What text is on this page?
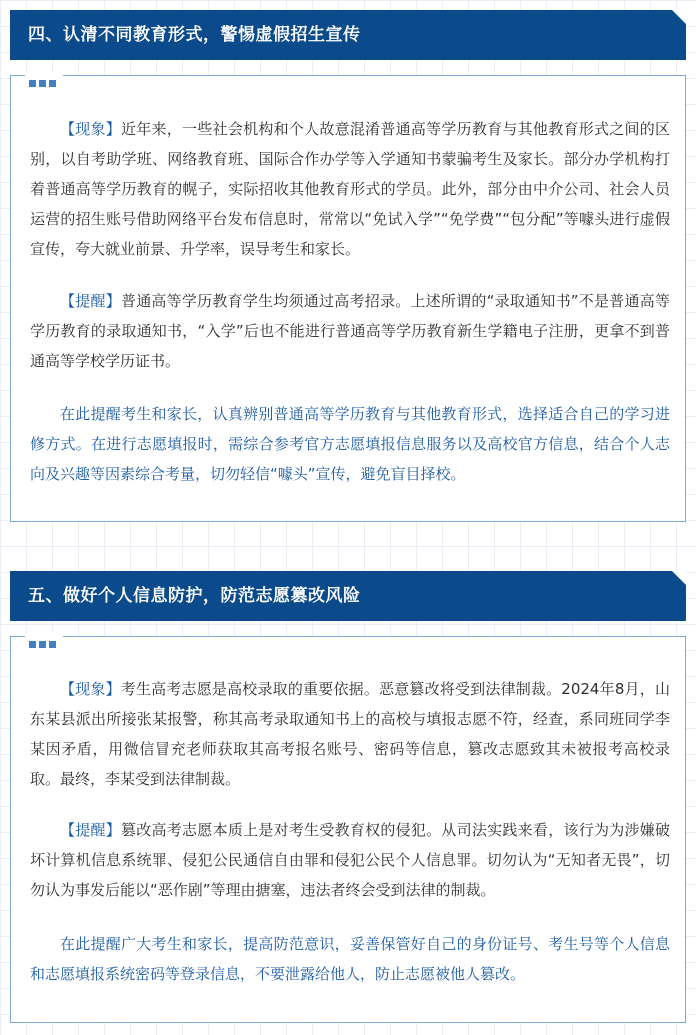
四、认清不同教育形式，警惕虚假招生宣传

【现象】近年来，一些社会机构和个人故意混淆普通高等学历教育与其他教育形式之间的区别，以自考助学班、网络教育班、国际合作办学等入学通知书蒙骗考生及家长。部分办学机构打着普通高等学历教育的幌子，实际招收其他教育形式的学员。此外，部分由中介公司、社会人员运营的招生账号借助网络平台发布信息时，常常以“免试入学”“免学费”“包分配”等噱头进行虚假宣传，夸大就业前景、升学率，误导考生和家长。

【提醒】普通高等学历教育学生均须通过高考招录。上述所谓的“录取通知书”不是普通高等学历教育的录取通知书，“入学”后也不能进行普通高等学历教育新生学籍电子注册，更拿不到普通高等学校学历证书。

在此提醒考生和家长，认真辨别普通高等学历教育与其他教育形式，选择适合自己的学习进修方式。在进行志愿填报时，需综合参考官方志愿填报信息服务以及高校官方信息，结合个人志向及兴趣等因素综合考量，切勿轻信“噱头”宣传，避免盲目择校。

五、做好个人信息防护，防范志愿篡改风险

【现象】考生高考志愿是高校录取的重要依据。恶意篡改将受到法律制裁。2024年8月，山东某县派出所接张某报警，称其高考录取通知书上的高校与填报志愿不符，经查，系同班同学李某因矛盾，用微信冒充老师获取其高考报名账号、密码等信息，篡改志愿致其未被报考高校录取。最终，李某受到法律制裁。

【提醒】篡改高考志愿本质上是对考生受教育权的侵犯。从司法实践来看，该行为为涉嫌破坏计算机信息系统罪、侵犯公民通信自由罪和侵犯公民个人信息罪。切勿认为“无知者无畏”，切勿认为事发后能以“恶作剧”等理由搪塞，违法者终会受到法律的制裁。

在此提醒广大考生和家长，提高防范意识，妥善保管好自己的身份证号、考生号等个人信息和志愿填报系统密码等登录信息，不要泄露给他人，防止志愿被他人篡改。
